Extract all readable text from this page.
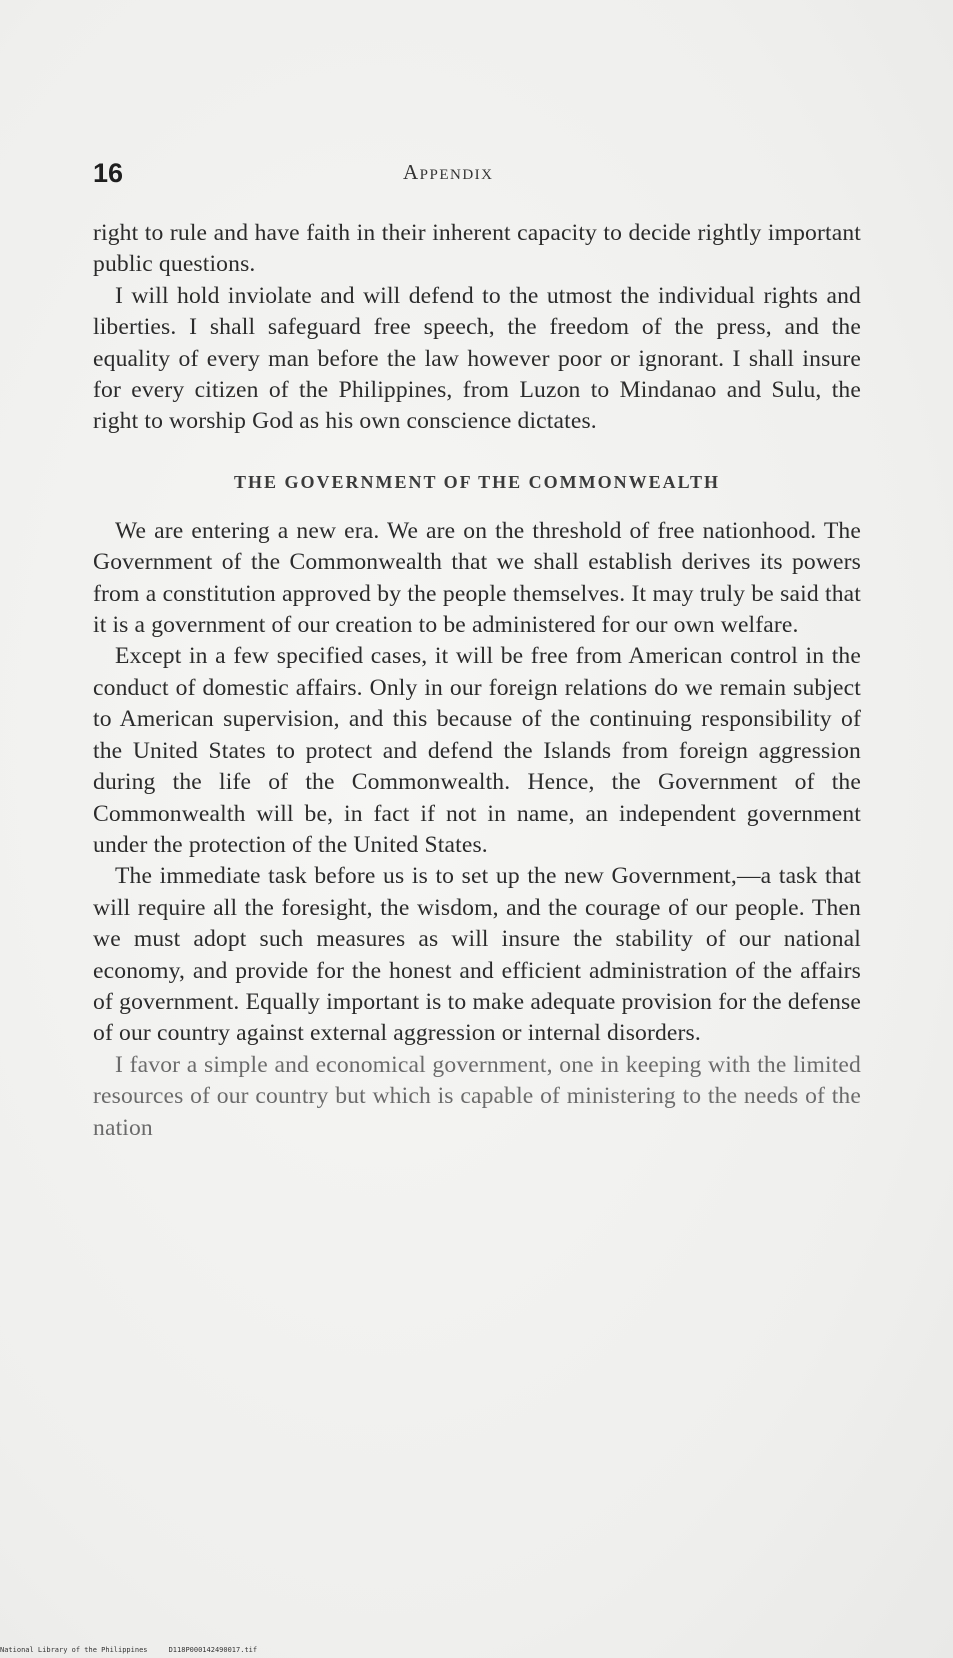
16	Appendix

right to rule and have faith in their inherent capacity to decide rightly important public questions.

I will hold inviolate and will defend to the utmost the individual rights and liberties. I shall safeguard free speech, the freedom of the press, and the equality of every man before the law however poor or ignorant. I shall insure for every citizen of the Philippines, from Luzon to Mindanao and Sulu, the right to worship God as his own conscience dictates.

THE GOVERNMENT OF THE COMMONWEALTH

We are entering a new era. We are on the threshold of free nationhood. The Government of the Commonwealth that we shall establish derives its powers from a constitution approved by the people themselves. It may truly be said that it is a government of our creation to be administered for our own welfare.

Except in a few specified cases, it will be free from American control in the conduct of domestic affairs. Only in our foreign relations do we remain subject to American supervision, and this because of the continuing responsibility of the United States to protect and defend the Islands from foreign aggression during the life of the Commonwealth. Hence, the Government of the Commonwealth will be, in fact if not in name, an independent government under the protection of the United States.

The immediate task before us is to set up the new Government,—a task that will require all the foresight, the wisdom, and the courage of our people. Then we must adopt such measures as will insure the stability of our national economy, and provide for the honest and efficient administration of the affairs of government. Equally important is to make adequate provision for the defense of our country against external aggression or internal disorders.

I favor a simple and economical government, one in keeping with the limited resources of our country but which is capable of ministering to the needs of the nation

National Library of the Philippines	D118P000142490017.tif
